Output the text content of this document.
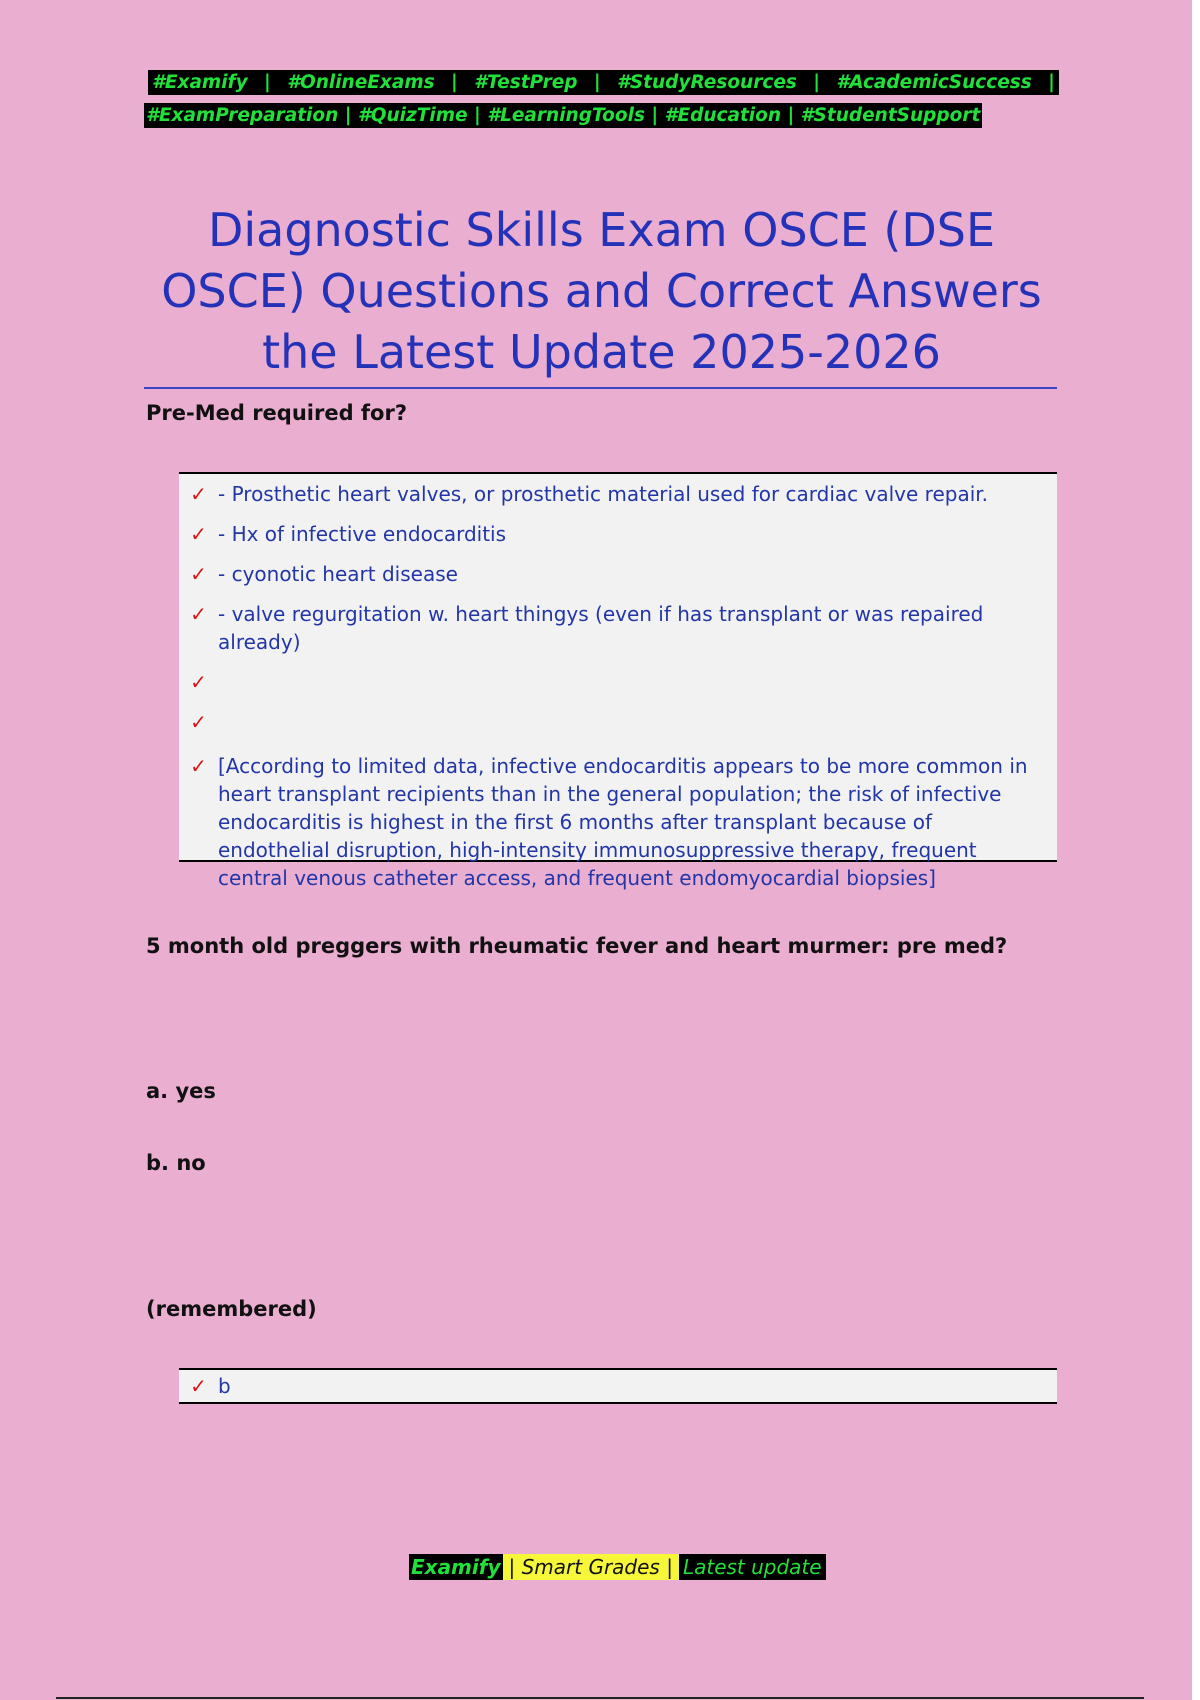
#Examify | #OnlineExams | #TestPrep | #StudyResources | #AcademicSuccess |
#ExamPreparation | #QuizTime | #LearningTools | #Education | #StudentSupport
Diagnostic Skills Exam OSCE (DSE
OSCE) Questions and Correct Answers
the Latest Update 2025-2026
Pre-Med required for?
✓ - Prosthetic heart valves, or prosthetic material used for cardiac valve repair.
✓ - Hx of infective endocarditis
✓ - cyonotic heart disease
✓ - valve regurgitation w. heart thingys (even if has transplant or was repaired already)
✓
✓
✓ [According to limited data, infective endocarditis appears to be more common in heart transplant recipients than in the general population; the risk of infective endocarditis is highest in the first 6 months after transplant because of endothelial disruption, high-intensity immunosuppressive therapy, frequent central venous catheter access, and frequent endomyocardial biopsies]
5 month old preggers with rheumatic fever and heart murmer: pre med?
a. yes
b. no
(remembered)
✓ b
Examify | Smart Grades | Latest update
